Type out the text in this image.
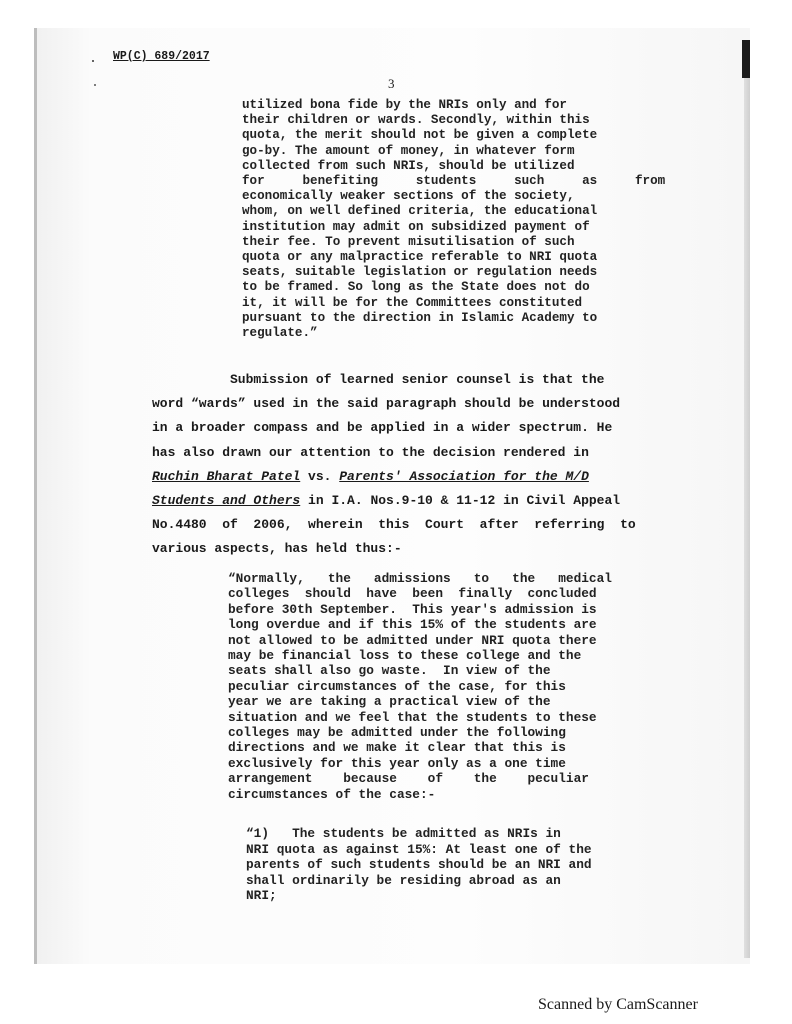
WP(C) 689/2017
3
utilized bona fide by the NRIs only and for
their children or wards. Secondly, within this
quota, the merit should not be given a complete
go-by. The amount of money, in whatever form
collected from such NRIs, should be utilized
for     benefiting     students     such     as     from
economically weaker sections of the society,
whom, on well defined criteria, the educational
institution may admit on subsidized payment of
their fee. To prevent misutilisation of such
quota or any malpractice referable to NRI quota
seats, suitable legislation or regulation needs
to be framed. So long as the State does not do
it, it will be for the Committees constituted
pursuant to the direction in Islamic Academy to
regulate.”
Submission of learned senior counsel is that the
word “wards” used in the said paragraph should be understood
in a broader compass and be applied in a wider spectrum. He
has also drawn our attention to the decision rendered in
Ruchin Bharat Patel vs. Parents' Association for the M/D
Students and Others in I.A. Nos.9-10 & 11-12 in Civil Appeal
No.4480  of  2006,  wherein  this  Court  after  referring  to
various aspects, has held thus:-
“Normally,   the   admissions   to   the   medical
colleges  should  have  been  finally  concluded
before 30th September.  This year's admission is
long overdue and if this 15% of the students are
not allowed to be admitted under NRI quota there
may be financial loss to these college and the
seats shall also go waste.  In view of the
peculiar circumstances of the case, for this
year we are taking a practical view of the
situation and we feel that the students to these
colleges may be admitted under the following
directions and we make it clear that this is
exclusively for this year only as a one time
arrangement    because    of    the    peculiar
circumstances of the case:-
“1)   The students be admitted as NRIs in
NRI quota as against 15%: At least one of the
parents of such students should be an NRI and
shall ordinarily be residing abroad as an
NRI;
Scanned by CamScanner
